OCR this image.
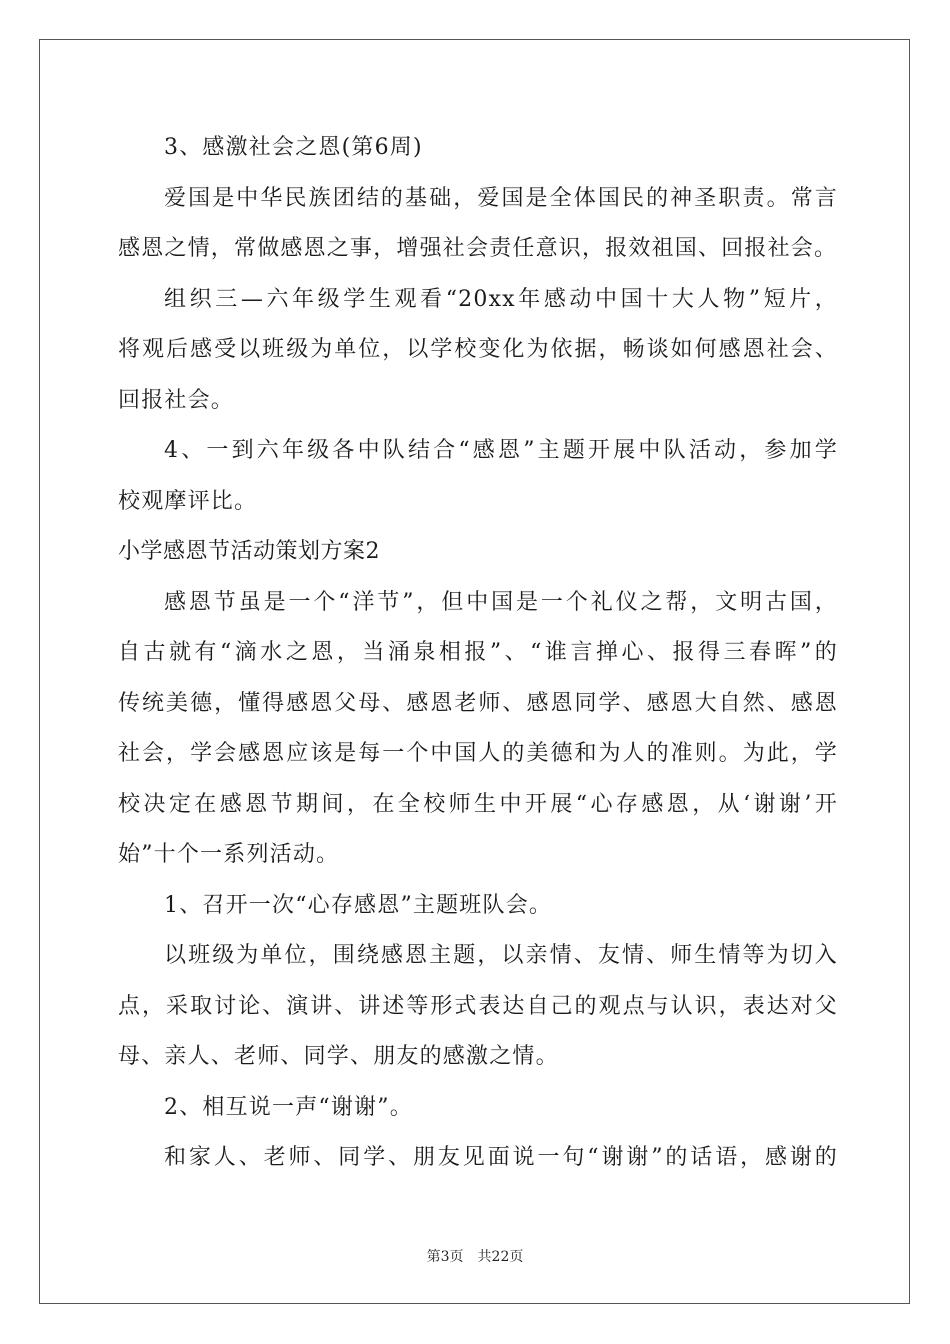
3、感激社会之恩(第6周)
爱国是中华民族团结的基础，爱国是全体国民的神圣职责。常言
感恩之情，常做感恩之事，增强社会责任意识，报效祖国、回报社会。
组织三—六年级学生观看“20xx年感动中国十大人物”短片，
将观后感受以班级为单位，以学校变化为依据，畅谈如何感恩社会、
回报社会。
4、一到六年级各中队结合“感恩”主题开展中队活动，参加学
校观摩评比。
小学感恩节活动策划方案2
感恩节虽是一个“洋节”，但中国是一个礼仪之帮，文明古国，
自古就有“滴水之恩，当涌泉相报”、“谁言掸心、报得三春晖”的
传统美德，懂得感恩父母、感恩老师、感恩同学、感恩大自然、感恩
社会，学会感恩应该是每一个中国人的美德和为人的准则。为此，学
校决定在感恩节期间，在全校师生中开展“心存感恩，从‘谢谢’开
始”十个一系列活动。
1、召开一次“心存感恩”主题班队会。
以班级为单位，围绕感恩主题，以亲情、友情、师生情等为切入
点，采取讨论、演讲、讲述等形式表达自己的观点与认识，表达对父
母、亲人、老师、同学、朋友的感激之情。
2、相互说一声“谢谢”。
和家人、老师、同学、朋友见面说一句“谢谢”的话语，感谢的
第3页 共22页
